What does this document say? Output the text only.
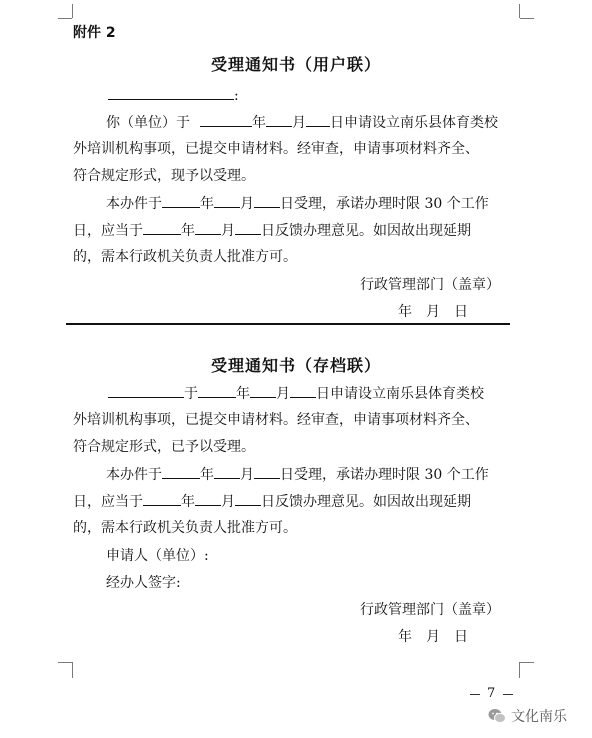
附件 2
受理通知书（用户联）
:
你（单位）于	年 月 日申请设立南乐县体育类校
外培训机构事项，已提交申请材料。经审查，申请事项材料齐全、
符合规定形式，现予以受理。
本办件于	年 月 日受理，承诺办理时限 30 个工作
日，应当于	年 月 日反馈办理意见。如因故出现延期
的，需本行政机关负责人批准方可。
行政管理部门（盖章）
年　月　日
受理通知书（存档联）
于	年 月 日申请设立南乐县体育类校
外培训机构事项，已提交申请材料。经审查，申请事项材料齐全、
符合规定形式，已予以受理。
本办件于	年 月 日受理，承诺办理时限 30 个工作
日，应当于	年 月 日反馈办理意见。如因故出现延期
的，需本行政机关负责人批准方可。
申请人（单位）:
经办人签字:
行政管理部门（盖章）
年　月　日
7
文化南乐
